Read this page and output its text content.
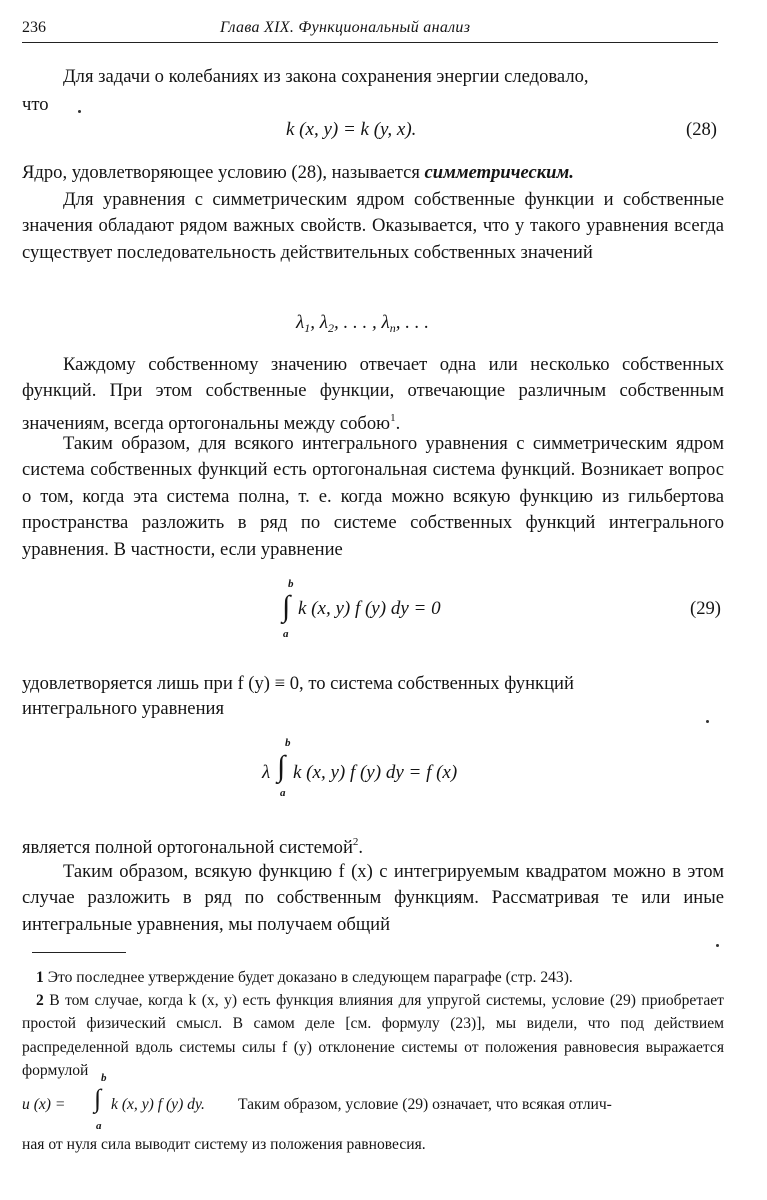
236	Глава XIX. Функциональный анализ
Для задачи о колебаниях из закона сохранения энергии следовало,
что
k (x, y) = k (y, x).	(28)
Ядро, удовлетворяющее условию (28), называется симметрическим.

Для уравнения с симметрическим ядром собственные функции и собственные значения обладают рядом важных свойств. Оказывается, что у такого уравнения всегда существует последовательность действительных собственных значений

$\lambda_1$, $\lambda_2$, . . . , $\lambda_n$, . . .

Каждому собственному значению отвечает одна или несколько собственных функций. При этом собственные функции, отвечающие различным собственным значениям, всегда ортогональны между собою$^1$.

Таким образом, для всякого интегрального уравнения с симметрическим ядром система собственных функций есть ортогональная система функций. Возникает вопрос о том, когда эта система полна, т. е. когда можно всякую функцию из гильбертова пространства разложить в ряд по системе собственных функций интегрального уравнения. В частности, если уравнение

b
∫
a
k (x, y) f (y) dy = 0	(29)
удовлетворяется лишь при f (y) ≡ 0, то система собственных функций
интегрального уравнения
λ
b
∫
a
k (x, y) f (y) dy = f (x)
является полной ортогональной системой$^2$.

Таким образом, всякую функцию f (x) с интегрируемым квадратом можно в этом случае разложить в ряд по собственным функциям. Рассматривая те или иные интегральные уравнения, мы получаем общий

1 Это последнее утверждение будет доказано в следующем параграфе (стр. 243).

2 В том случае, когда k (x, y) есть функция влияния для упругой системы, условие (29) приобретает простой физический смысл. В самом деле [см. формулу (23)], мы видели, что под действием распределенной вдоль системы силы f (y) отклонение системы от положения равновесия выражается формулой

u (x) =
b
∫
a
k (x, y) f (y) dy. Таким образом, условие (29) означает, что всякая отлич-
ная от нуля сила выводит систему из положения равновесия.
